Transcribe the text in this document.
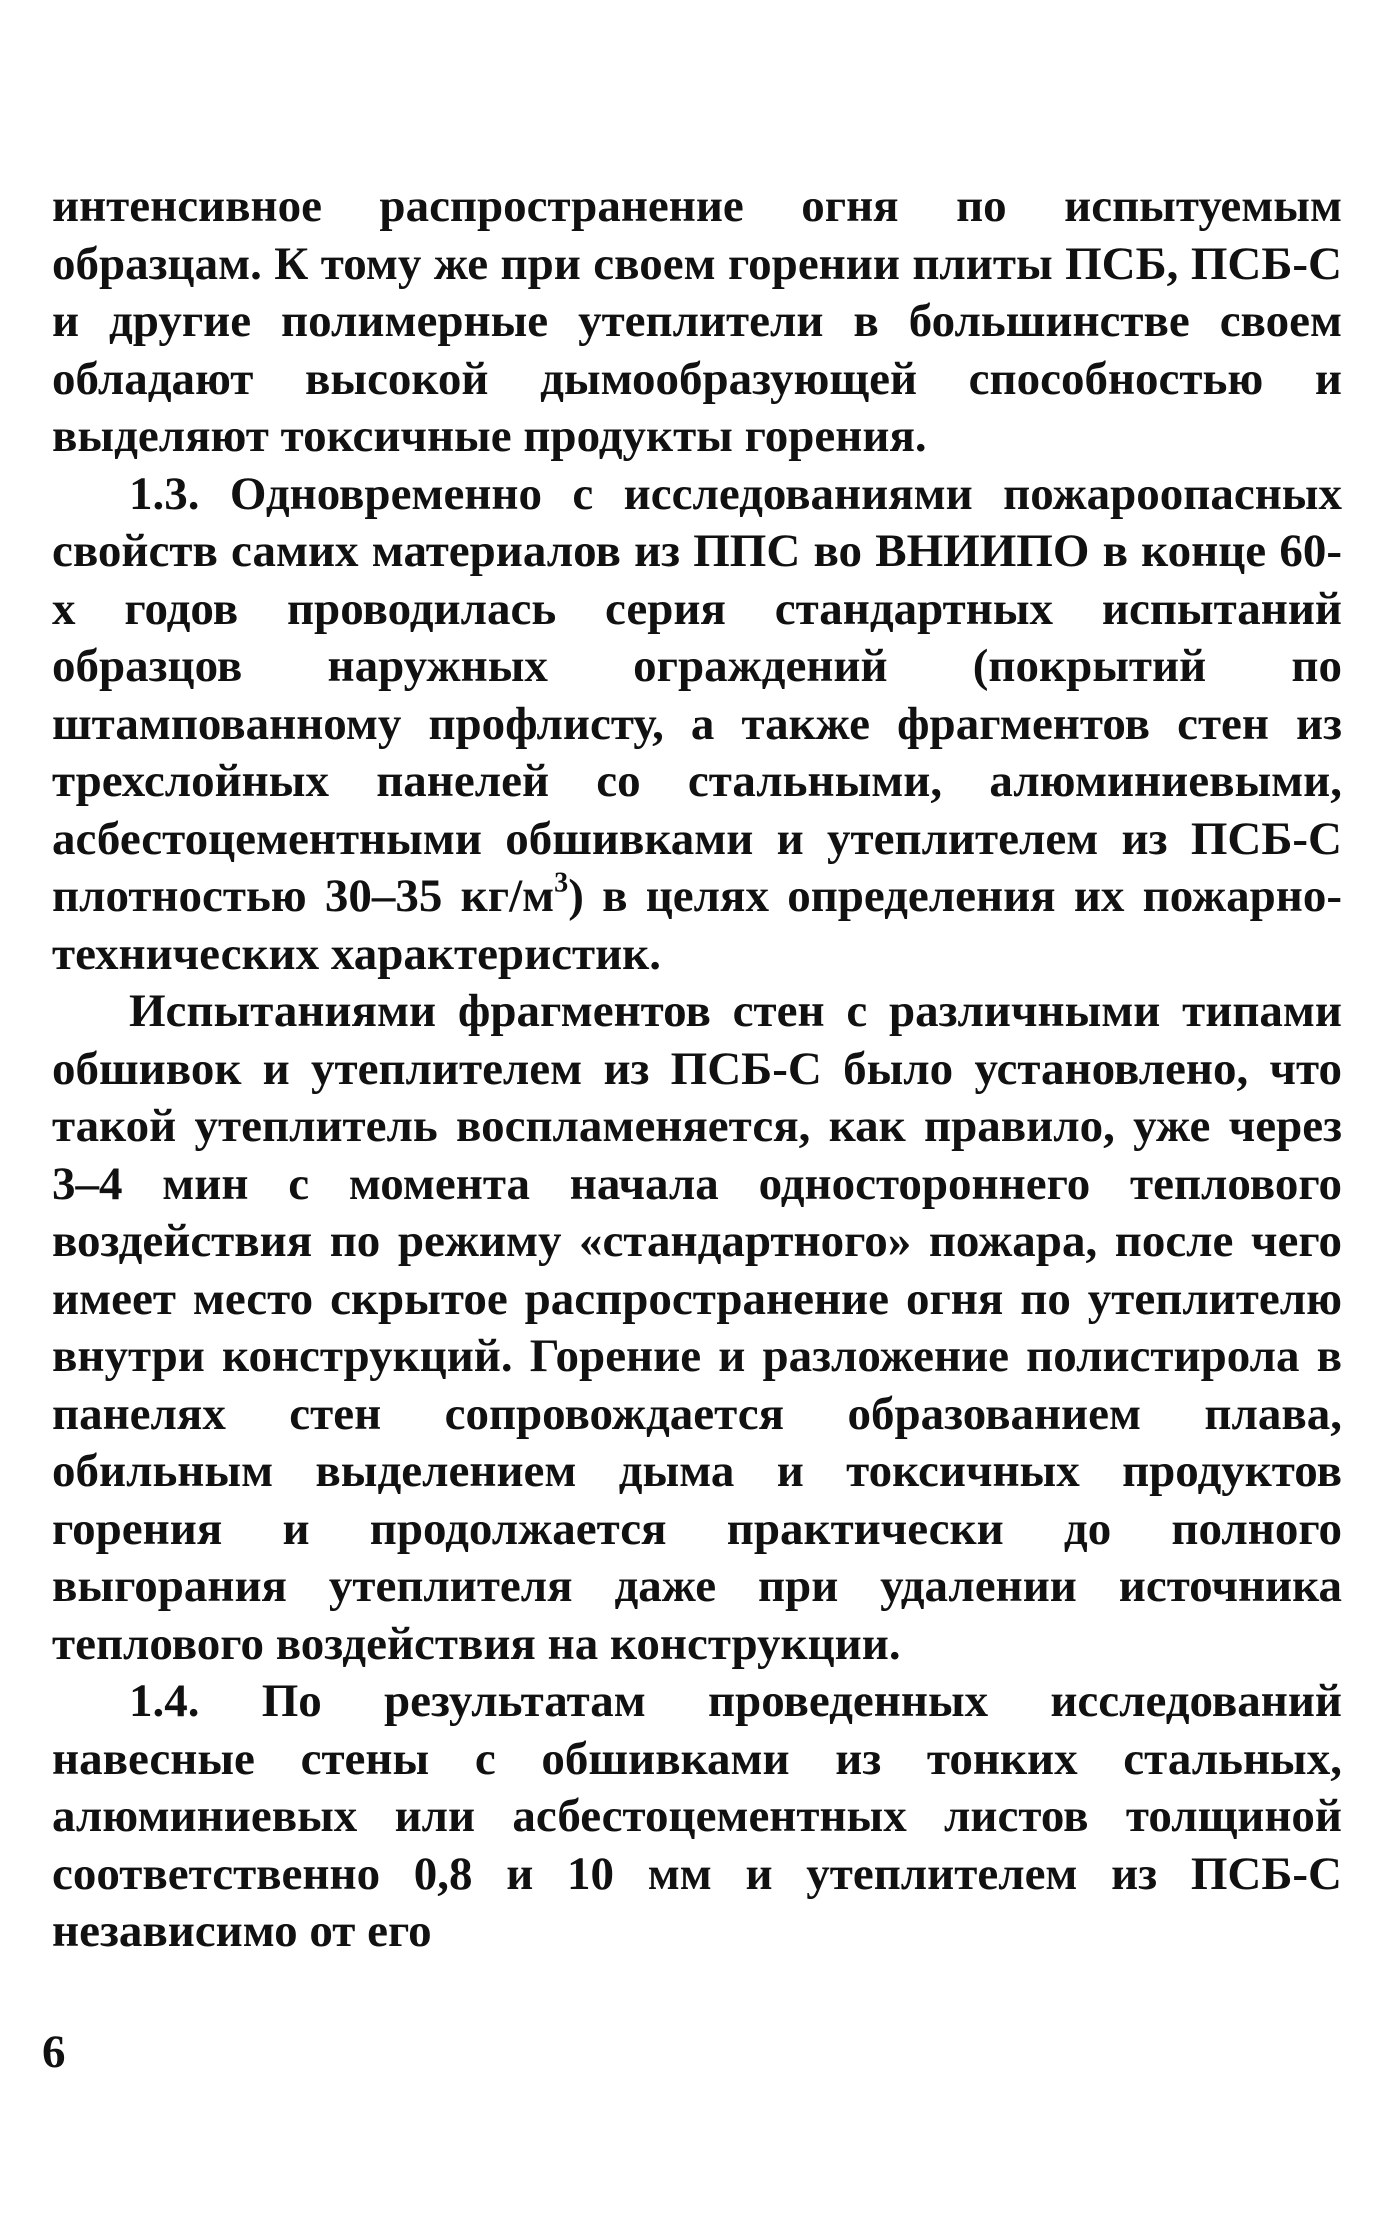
интенсивное распространение огня по испытуемым образцам. К тому же при своем горении плиты ПСБ, ПСБ-С и другие полимерные утеплители в большинстве своем обладают высокой дымообразующей способностью и выделяют токсичные продукты горения.

1.3. Одновременно с исследованиями пожароопасных свойств самих материалов из ППС во ВНИИПО в конце 60-х годов проводилась серия стандартных испытаний образцов наружных ограждений (покрытий по штампованному профлисту, а также фрагментов стен из трехслойных панелей со стальными, алюминиевыми, асбестоцементными обшивками и утеплителем из ПСБ-С плотностью 30–35 $кг/м^3$) в целях определения их пожарно-технических характеристик.

Испытаниями фрагментов стен с различными типами обшивок и утеплителем из ПСБ-С было установлено, что такой утеплитель воспламеняется, как правило, уже через 3–4 мин с момента начала одностороннего теплового воздействия по режиму «стандартного» пожара, после чего имеет место скрытое распространение огня по утеплителю внутри конструкций. Горение и разложение полистирола в панелях стен сопровождается образованием плава, обильным выделением дыма и токсичных продуктов горения и продолжается практически до полного выгорания утеплителя даже при удалении источника теплового воздействия на конструкции.

1.4. По результатам проведенных исследований навесные стены с обшивками из тонких стальных, алюминиевых или асбестоцементных листов толщиной соответственно 0,8 и 10 мм и утеплителем из ПСБ-С независимо от его

6
